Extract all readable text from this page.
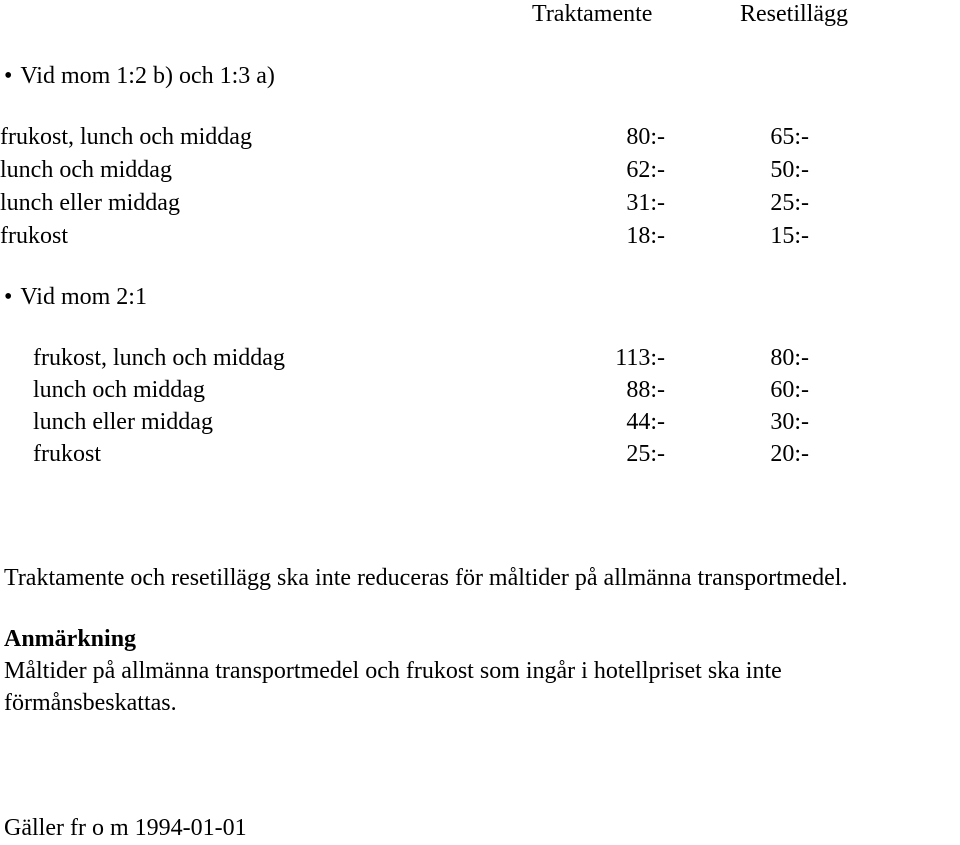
Traktamente	Resetillägg
• Vid mom 1:2 b) och 1:3 a)
frukost, lunch och middag	80:-	65:-
lunch och middag	62:-	50:-
lunch eller middag	31:-	25:-
frukost	18:-	15:-
• Vid mom 2:1
frukost, lunch och middag	113:-	80:-
lunch och middag	88:-	60:-
lunch eller middag	44:-	30:-
frukost	25:-	20:-
Traktamente och resetillägg ska inte reduceras för måltider på allmänna transportmedel.
Anmärkning
Måltider på allmänna transportmedel och frukost som ingår i hotellpriset ska inte
förmånsbeskattas.
Gäller fr o m 1994-01-01
